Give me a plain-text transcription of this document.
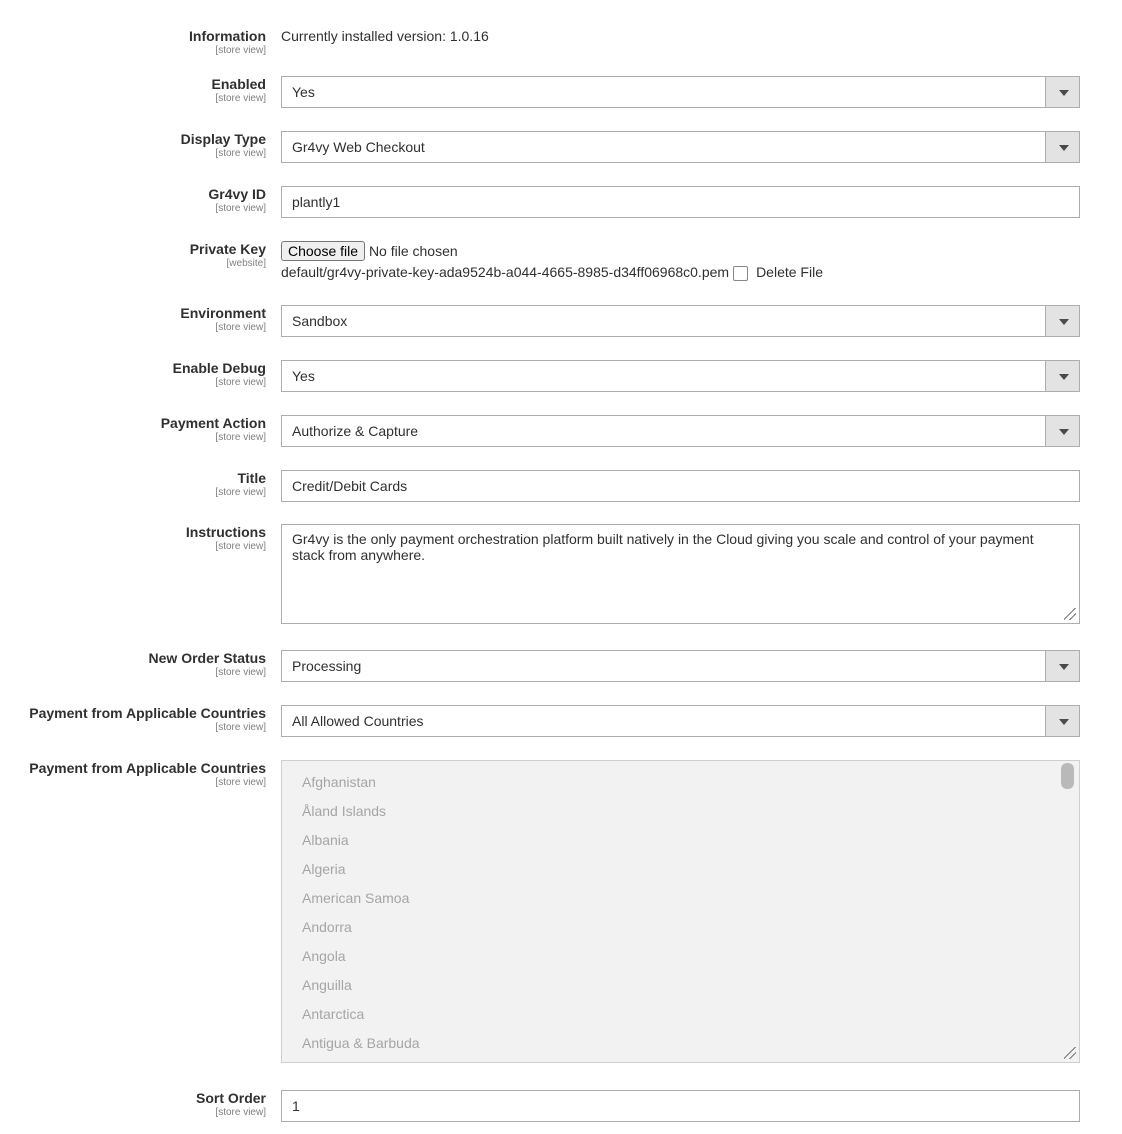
Information
[store view]
Currently installed version: 1.0.16
Enabled
[store view]	Yes
Display Type
[store view]	Gr4vy Web Checkout
Gr4vy ID
[store view]	plantly1
Private Key
[website]
Choose file No file chosen
default/gr4vy-private-key-ada9524b-a044-4665-8985-d34ff06968c0.pem Delete File
Environment
[store view]	Sandbox
Enable Debug
[store view]	Yes
Payment Action
[store view]	Authorize & Capture
Title
[store view]	Credit/Debit Cards
Instructions
[store view]	Gr4vy is the only payment orchestration platform built natively in the Cloud giving you scale and control of your payment stack from anywhere.
New Order Status
[store view]	Processing
Payment from Applicable Countries
[store view]	All Allowed Countries
Payment from Applicable Countries
[store view]	Afghanistan
Åland Islands
Albania
Algeria
American Samoa
Andorra
Angola
Anguilla
Antarctica
Antigua & Barbuda
Sort Order
[store view]	1
